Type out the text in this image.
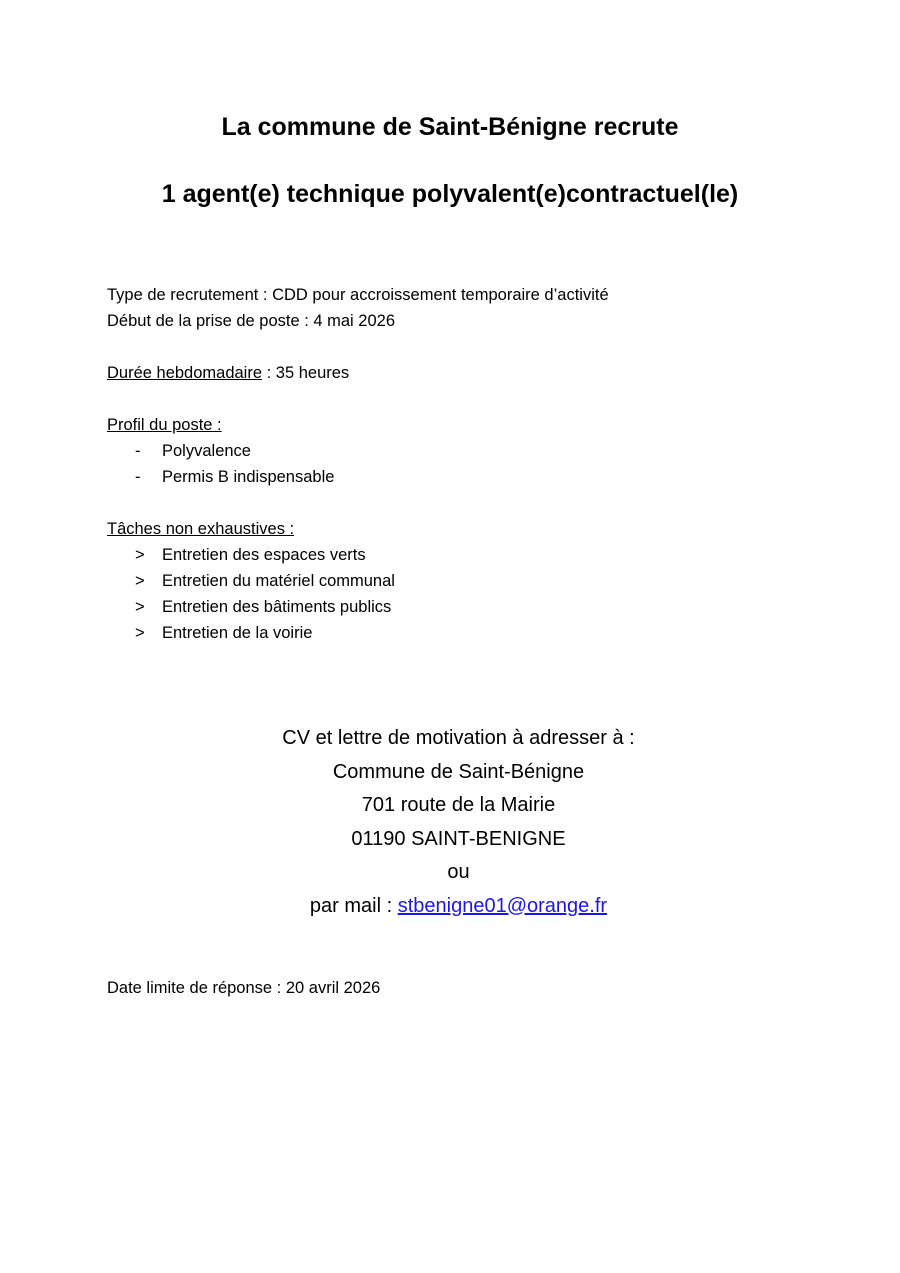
La commune de Saint-Bénigne recrute
1 agent(e) technique polyvalent(e)contractuel(le)
Type de recrutement : CDD pour accroissement temporaire d’activité
Début de la prise de poste : 4 mai 2026
Durée hebdomadaire : 35 heures
Profil du poste :
-	Polyvalence
-	Permis B indispensable
Tâches non exhaustives :
>	Entretien des espaces verts
>	Entretien du matériel communal
>	Entretien des bâtiments publics
>	Entretien de la voirie
CV et lettre de motivation à adresser à :
Commune de Saint-Bénigne
701 route de la Mairie
01190 SAINT-BENIGNE
ou
par mail : stbenigne01@orange.fr
Date limite de réponse : 20 avril 2026
